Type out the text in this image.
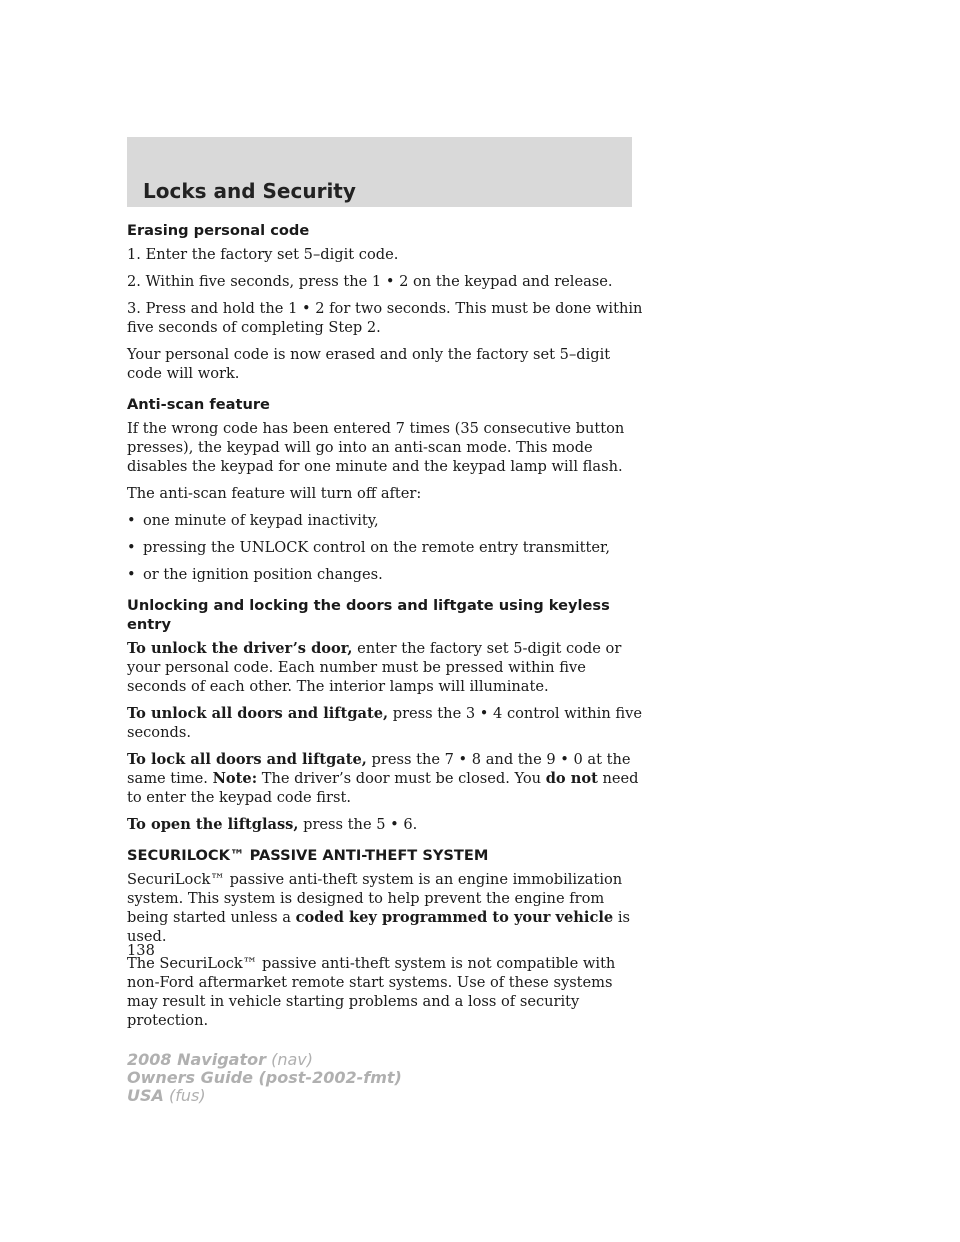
Locks and Security
Erasing personal code

1. Enter the factory set 5–digit code.

2. Within five seconds, press the 1 • 2 on the keypad and release.

3. Press and hold the 1 • 2 for two seconds. This must be done within five seconds of completing Step 2.

Your personal code is now erased and only the factory set 5–digit code will work.

Anti-scan feature

If the wrong code has been entered 7 times (35 consecutive button presses), the keypad will go into an anti-scan mode. This mode disables the keypad for one minute and the keypad lamp will flash.

The anti-scan feature will turn off after:

• one minute of keypad inactivity,
• pressing the UNLOCK control on the remote entry transmitter,
• or the ignition position changes.
Unlocking and locking the doors and liftgate using keyless entry

To unlock the driver’s door, enter the factory set 5-digit code or your personal code. Each number must be pressed within five seconds of each other. The interior lamps will illuminate.

To unlock all doors and liftgate, press the 3 • 4 control within five seconds.

To lock all doors and liftgate, press the 7 • 8 and the 9 • 0 at the same time. Note: The driver’s door must be closed. You do not need to enter the keypad code first.

To open the liftglass, press the 5 • 6.

SECURILOCK™ PASSIVE ANTI-THEFT SYSTEM

SecuriLock™ passive anti-theft system is an engine immobilization system. This system is designed to help prevent the engine from being started unless a coded key programmed to your vehicle is used.

The SecuriLock™ passive anti-theft system is not compatible with non-Ford aftermarket remote start systems. Use of these systems may result in vehicle starting problems and a loss of security protection.

138
2008 Navigator (nav)
Owners Guide (post-2002-fmt)
USA (fus)
